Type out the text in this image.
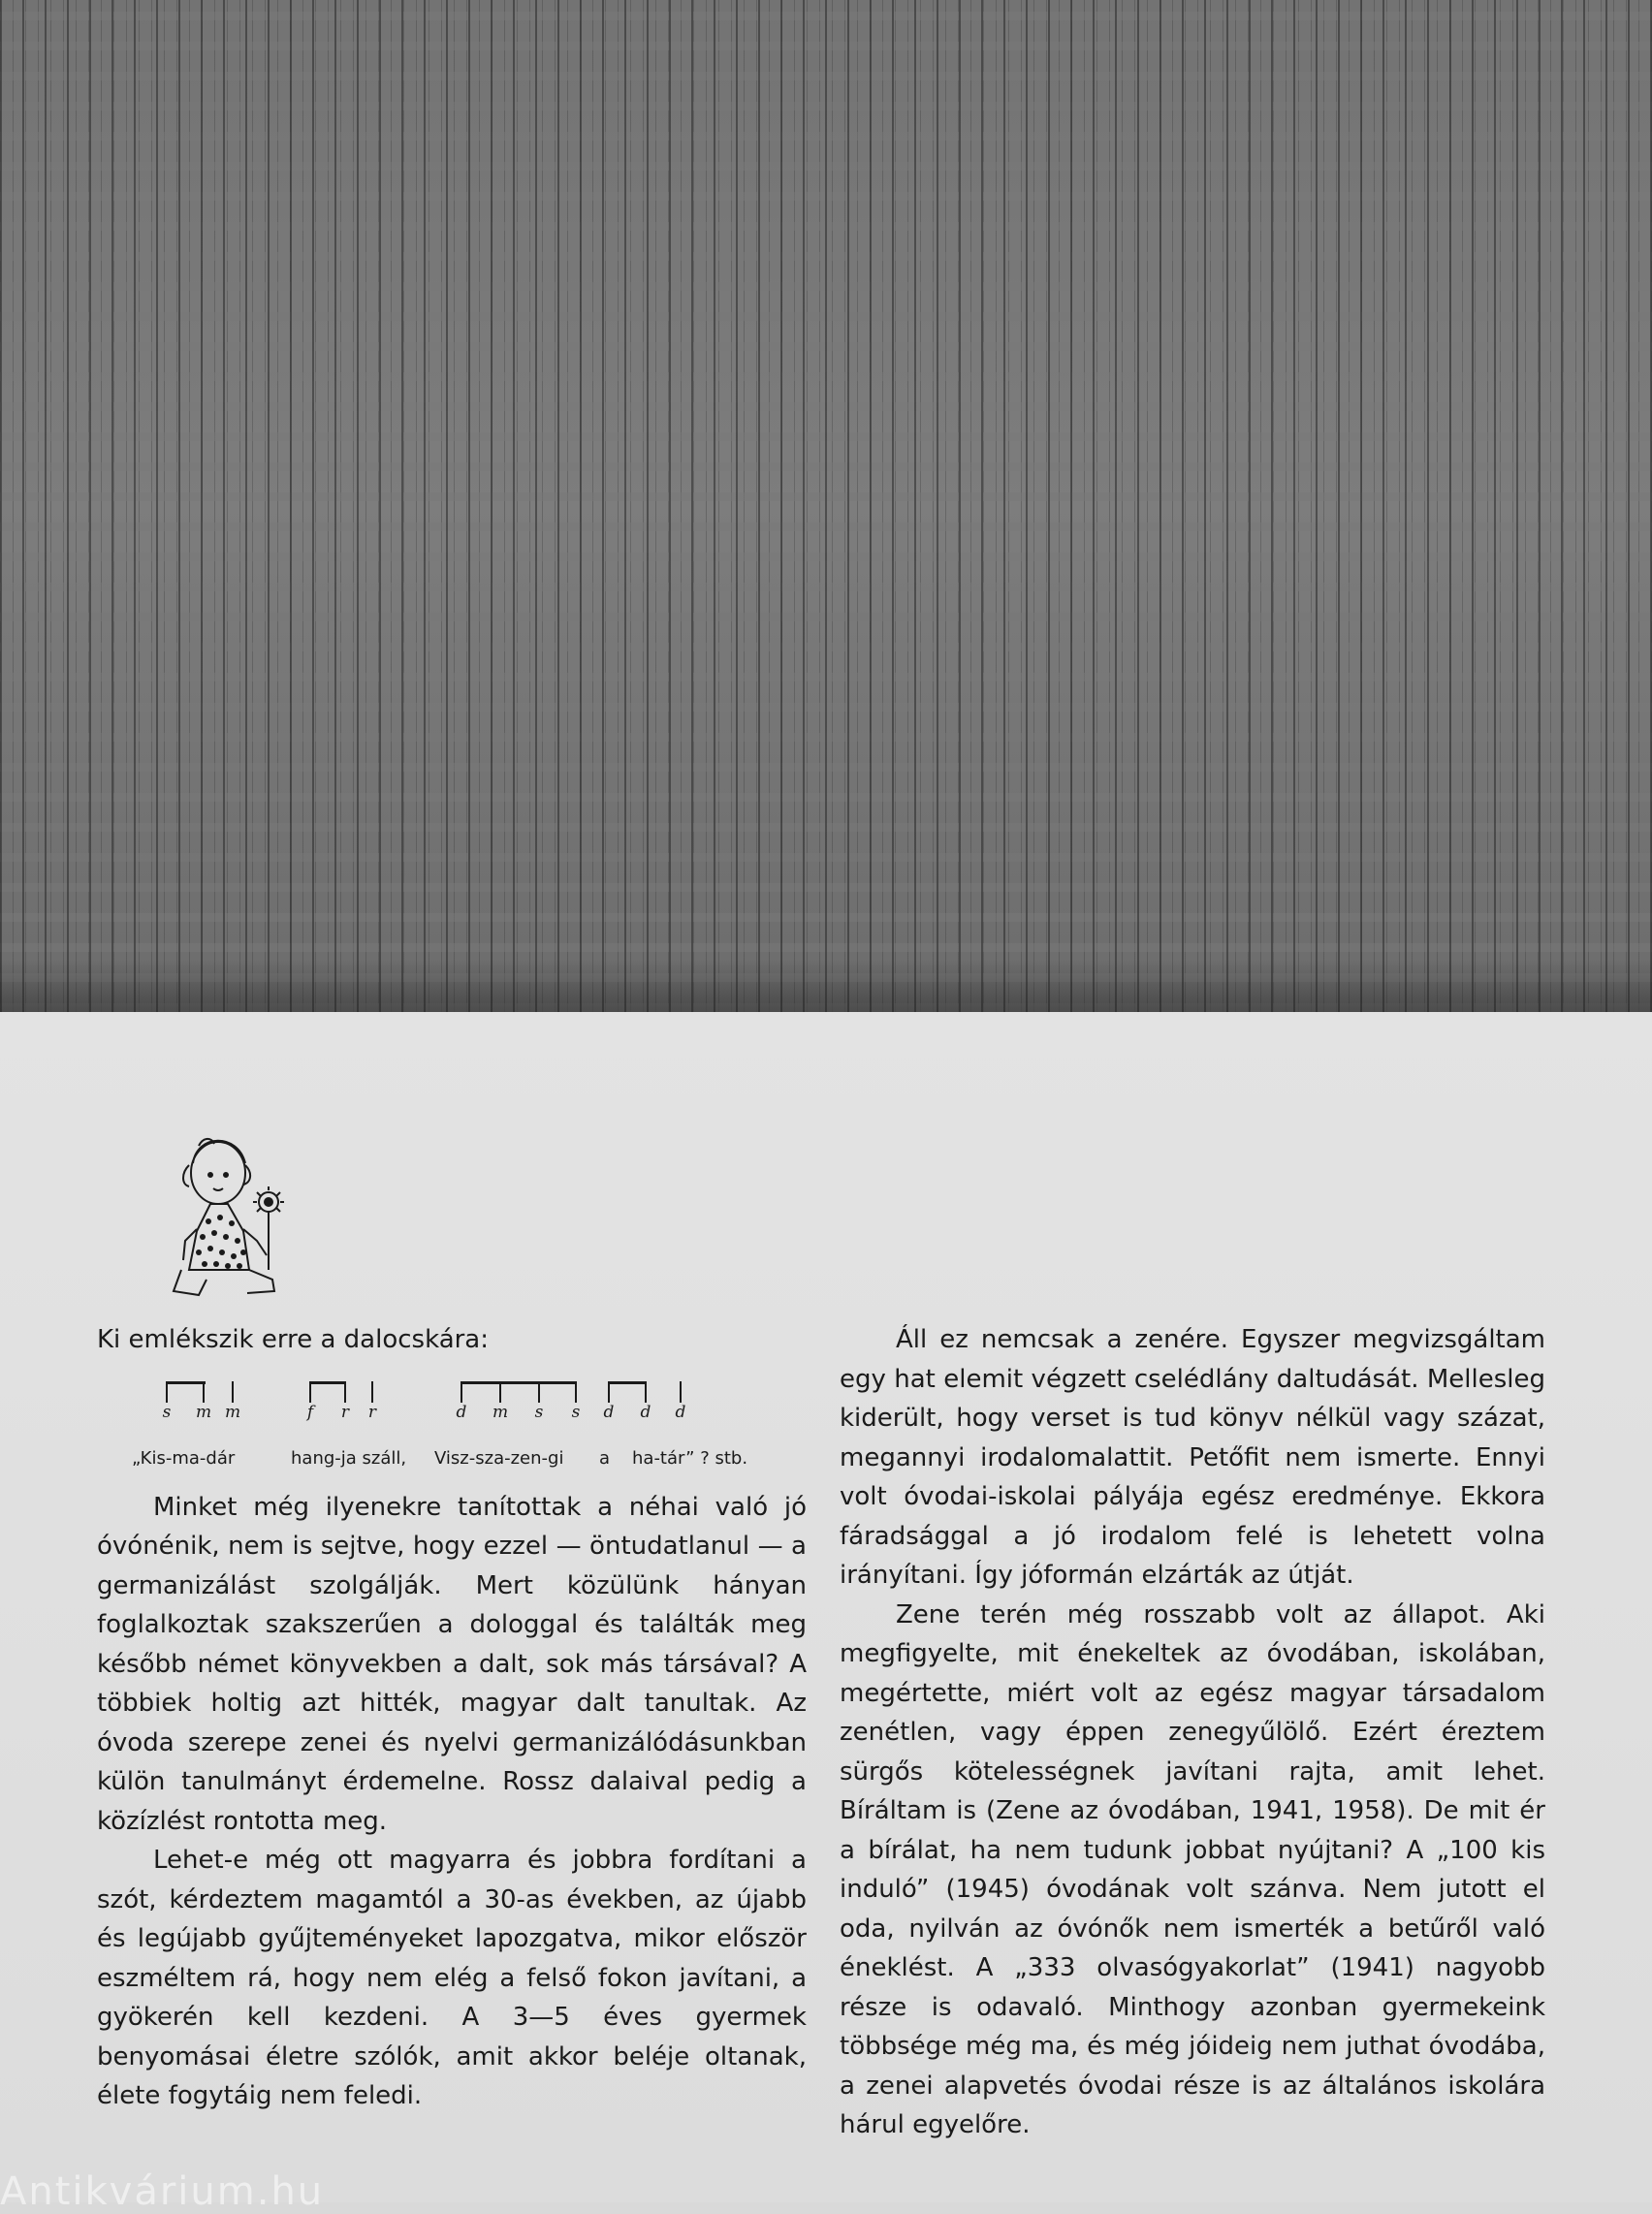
Ki emlékszik erre a dalocskára:

s	m m	f	r	r	d m	s	s	d d d
„Kis-ma-dár	hang-ja száll, Visz-sza-zen-gi a ha-tár” ? stb.

Minket még ilyenekre tanítottak a néhai való jó óvónénik, nem is sejtve, hogy ezzel — öntudatlanul — a germanizálást szolgálják. Mert közülünk hányan foglalkoztak szakszerűen a dologgal és találták meg később német könyvekben a dalt, sok más társával? A többiek holtig azt hitték, magyar dalt tanultak. Az óvoda szerepe zenei és nyelvi germanizálódásunkban külön tanulmányt érdemelne. Rossz dalaival pedig a közízlést rontotta meg.

Lehet-e még ott magyarra és jobbra fordítani a szót, kérdeztem magamtól a 30-as években, az újabb és legújabb gyűjteményeket lapozgatva, mikor először eszméltem rá, hogy nem elég a felső fokon javítani, a gyökerén kell kezdeni. A 3—5 éves gyermek benyomásai életre szólók, amit akkor beléje oltanak, élete fogytáig nem feledi.

Áll ez nemcsak a zenére. Egyszer megvizsgáltam egy hat elemit végzett cselédlány daltudását. Mellesleg kiderült, hogy verset is tud könyv nélkül vagy százat, megannyi irodalomalattit. Petőfit nem ismerte. Ennyi volt óvodai-iskolai pályája egész eredménye. Ekkora fáradsággal a jó irodalom felé is lehetett volna irányítani. Így jóformán elzárták az útját.

Zene terén még rosszabb volt az állapot. Aki megfigyelte, mit énekeltek az óvodában, iskolában, megértette, miért volt az egész magyar társadalom zenétlen, vagy éppen zenegyűlölő. Ezért éreztem sürgős kötelességnek javítani rajta, amit lehet. Bíráltam is (Zene az óvodában, 1941, 1958). De mit ér a bírálat, ha nem tudunk jobbat nyújtani? A „100 kis induló” (1945) óvodának volt szánva. Nem jutott el oda, nyilván az óvónők nem ismerték a betűről való éneklést. A „333 olvasógyakorlat” (1941) nagyobb része is odavaló. Minthogy azonban gyermekeink többsége még ma, és még jóideig nem juthat óvodába, a zenei alapvetés óvodai része is az általános iskolára hárul egyelőre.

Antikvárium.hu
